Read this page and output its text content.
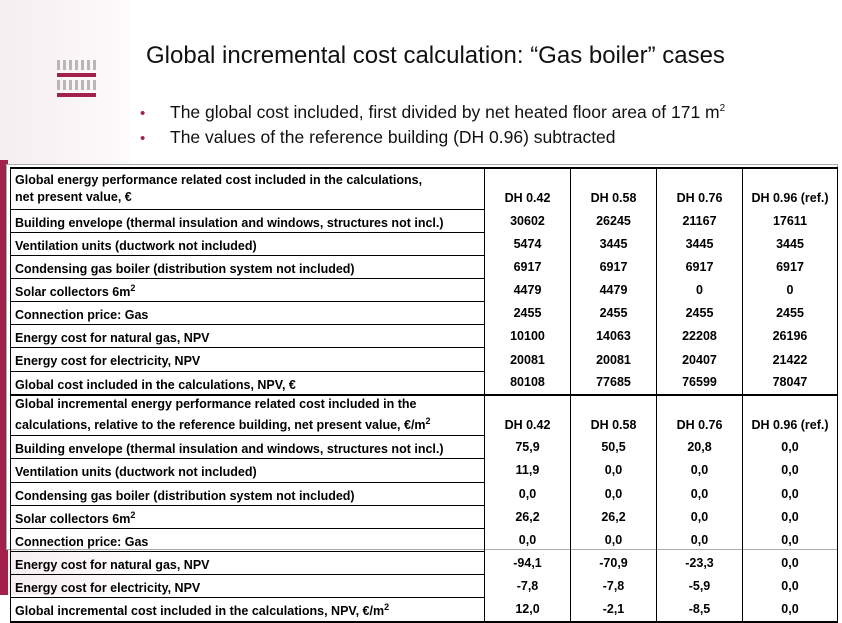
Global incremental cost calculation: “Gas boiler” cases
• The global cost included, first divided by net heated floor area of 171 $m^2$
• The values of the reference building (DH 0.96) subtracted
Global energy performance related cost included in the calculations,
net present value, €	DH 0.42	DH 0.58	DH 0.76	DH 0.96 (ref.)
Building envelope (thermal insulation and windows, structures not incl.)	30602	26245	21167	17611
Ventilation units (ductwork not included)	5474	3445	3445	3445
Condensing gas boiler (distribution system not included)	6917	6917	6917	6917
Solar collectors $6m^2$	4479	4479	0	0
Connection price: Gas	2455	2455	2455	2455
Energy cost for natural gas, NPV	10100	14063	22208	26196
Energy cost for electricity, NPV	20081	20081	20407	21422
Global cost included in the calculations, NPV, €	80108	77685	76599	78047

Global incremental energy performance related cost included in the
calculations, relative to the reference building, net present value, $€/m^2$	DH 0.42	DH 0.58	DH 0.76	DH 0.96 (ref.)
Building envelope (thermal insulation and windows, structures not incl.)	75,9	50,5	20,8	0,0
Ventilation units (ductwork not included)	11,9	0,0	0,0	0,0
Condensing gas boiler (distribution system not included)	0,0	0,0	0,0	0,0
Solar collectors $6m^2$	26,2	26,2	0,0	0,0
Connection price: Gas	0,0	0,0	0,0	0,0
Energy cost for natural gas, NPV	-94,1	-70,9	-23,3	0,0
Energy cost for electricity, NPV	-7,8	-7,8	-5,9	0,0
Global incremental cost included in the calculations, NPV, $€/m^2$	12,0	-2,1	-8,5	0,0
